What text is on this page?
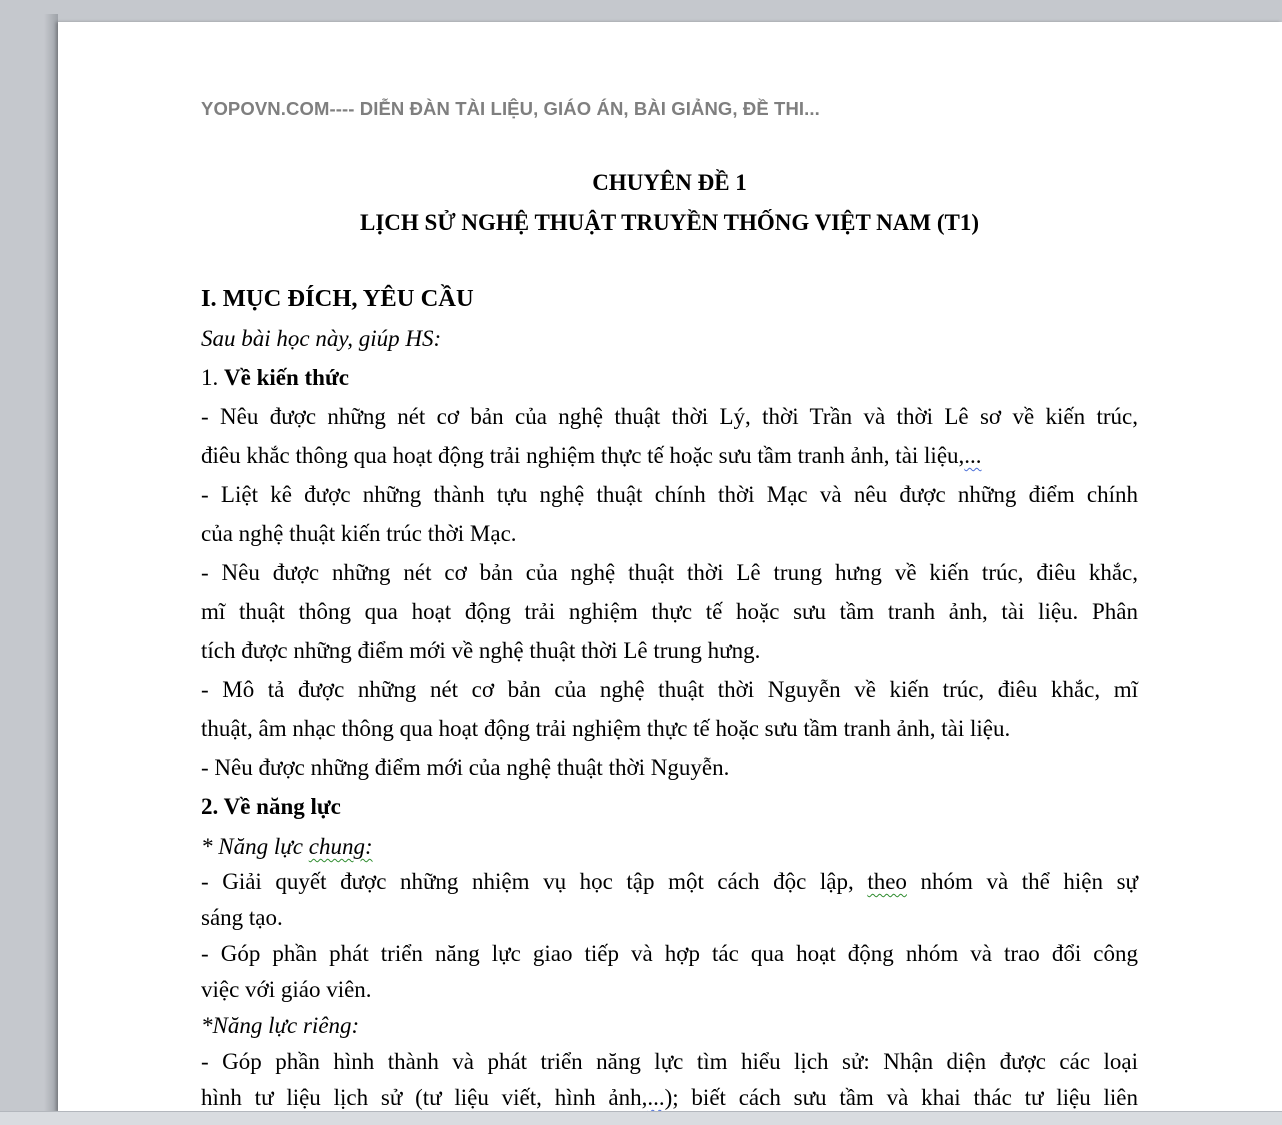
YOPOVN.COM---- DIỄN ĐÀN TÀI LIỆU, GIÁO ÁN, BÀI GIẢNG, ĐỀ THI...
CHUYÊN ĐỀ 1
LỊCH SỬ NGHỆ THUẬT TRUYỀN THỐNG VIỆT NAM (T1)
I. MỤC ĐÍCH, YÊU CẦU
Sau bài học này, giúp HS:
1. Về kiến thức
- Nêu được những nét cơ bản của nghệ thuật thời Lý, thời Trần và thời Lê sơ về kiến trúc,
điêu khắc thông qua hoạt động trải nghiệm thực tế hoặc sưu tầm tranh ảnh, tài liệu,...
- Liệt kê được những thành tựu nghệ thuật chính thời Mạc và nêu được những điểm chính
của nghệ thuật kiến trúc thời Mạc.
- Nêu được những nét cơ bản của nghệ thuật thời Lê trung hưng về kiến trúc, điêu khắc,
mĩ thuật thông qua hoạt động trải nghiệm thực tế hoặc sưu tầm tranh ảnh, tài liệu. Phân
tích được những điểm mới về nghệ thuật thời Lê trung hưng.
- Mô tả được những nét cơ bản của nghệ thuật thời Nguyễn về kiến trúc, điêu khắc, mĩ
thuật, âm nhạc thông qua hoạt động trải nghiệm thực tế hoặc sưu tầm tranh ảnh, tài liệu.
- Nêu được những điểm mới của nghệ thuật thời Nguyễn.
2. Về năng lực
* Năng lực chung:
- Giải quyết được những nhiệm vụ học tập một cách độc lập, theo nhóm và thể hiện sự
sáng tạo.
- Góp phần phát triển năng lực giao tiếp và hợp tác qua hoạt động nhóm và trao đổi công
việc với giáo viên.
*Năng lực riêng:
- Góp phần hình thành và phát triển năng lực tìm hiểu lịch sử: Nhận diện được các loại
hình tư liệu lịch sử (tư liệu viết, hình ảnh,...); biết cách sưu tầm và khai thác tư liệu liên
